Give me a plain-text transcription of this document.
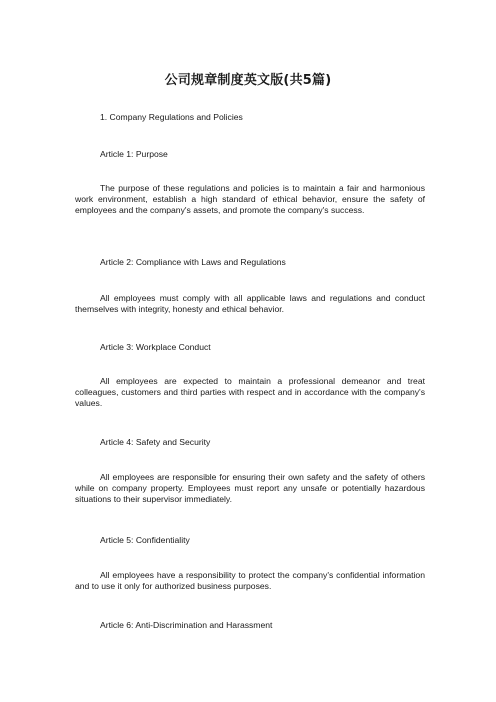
公司规章制度英文版(共5篇)
1. Company Regulations and Policies
Article 1: Purpose
The purpose of these regulations and policies is to maintain a fair and harmonious work environment, establish a high standard of ethical behavior, ensure the safety of employees and the company's assets, and promote the company's success.
Article 2: Compliance with Laws and Regulations
All employees must comply with all applicable laws and regulations and conduct themselves with integrity, honesty and ethical behavior.
Article 3: Workplace Conduct
All employees are expected to maintain a professional demeanor and treat colleagues, customers and third parties with respect and in accordance with the company's values.
Article 4: Safety and Security
All employees are responsible for ensuring their own safety and the safety of others while on company property. Employees must report any unsafe or potentially hazardous situations to their supervisor immediately.
Article 5: Confidentiality
All employees have a responsibility to protect the company's confidential information and to use it only for authorized business purposes.
Article 6: Anti-Discrimination and Harassment
